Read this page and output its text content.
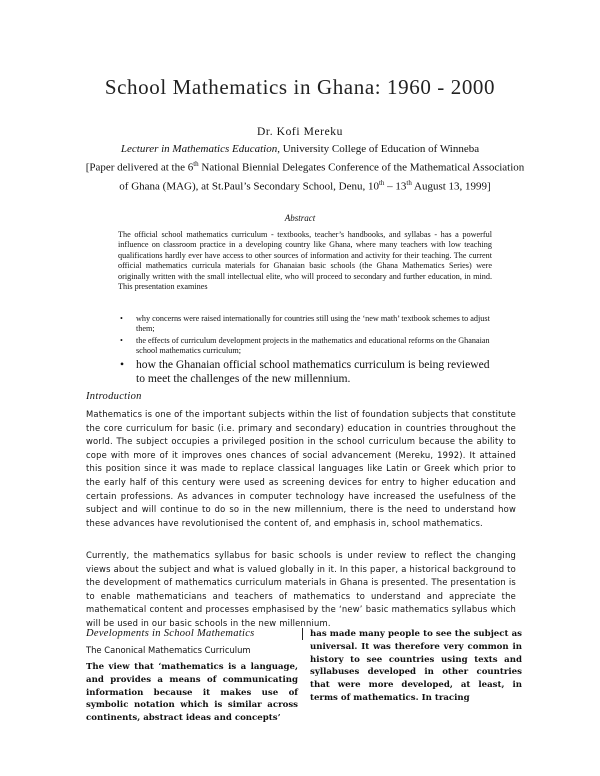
School Mathematics in Ghana: 1960 - 2000
Dr. Kofi Mereku
Lecturer in Mathematics Education, University College of Education of Winneba
[Paper delivered at the 6th National Biennial Delegates Conference of the Mathematical Association of Ghana (MAG), at St.Paul’s Secondary School, Denu, 10th – 13th August 13, 1999]
Abstract
The official school mathematics curriculum - textbooks, teacher’s handbooks, and syllabas - has a powerful influence on classroom practice in a developing country like Ghana, where many teachers with low teaching qualifications hardly ever have access to other sources of information and activity for their teaching. The current official mathematics curricula materials for Ghanaian basic schools (the Ghana Mathematics Series) were originally written with the small intellectual elite, who will proceed to secondary and further education, in mind. This presentation examines
• why concerns were raised internationally for countries still using the ‘new math’ textbook schemes to adjust them;
• the effects of curriculum development projects in the mathematics and educational reforms on the Ghanaian school mathematics curriculum;
• how the Ghanaian official school mathematics curriculum is being reviewed to meet the challenges of the new millennium.
Introduction

Mathematics is one of the important subjects within the list of foundation subjects that constitute the core curriculum for basic (i.e. primary and secondary) education in countries throughout the world. The subject occupies a privileged position in the school curriculum because the ability to cope with more of it improves ones chances of social advancement (Mereku, 1992). It attained this position since it was made to replace classical languages like Latin or Greek which prior to the early half of this century were used as screening devices for entry to higher education and certain professions. As advances in computer technology have increased the usefulness of the subject and will continue to do so in the new millennium, there is the need to understand how these advances have revolutionised the content of, and emphasis in, school mathematics.

Currently, the mathematics syllabus for basic schools is under review to reflect the changing views about the subject and what is valued globally in it. In this paper, a historical background to the development of mathematics curriculum materials in Ghana is presented. The presentation is to enable mathematicians and teachers of mathematics to understand and appreciate the mathematical content and processes emphasised by the ‘new’ basic mathematics syllabus which will be used in our basic schools in the new millennium.

Developments in School Mathematics
The Canonical Mathematics Curriculum

The view that ‘mathematics is a language, and provides a means of communicating information because it makes use of symbolic notation which is similar across continents, abstract ideas and concepts’

has made many people to see the subject as universal. It was therefore very common in history to see countries using texts and syllabuses developed in other countries that were more developed, at least, in terms of mathematics. In tracing
